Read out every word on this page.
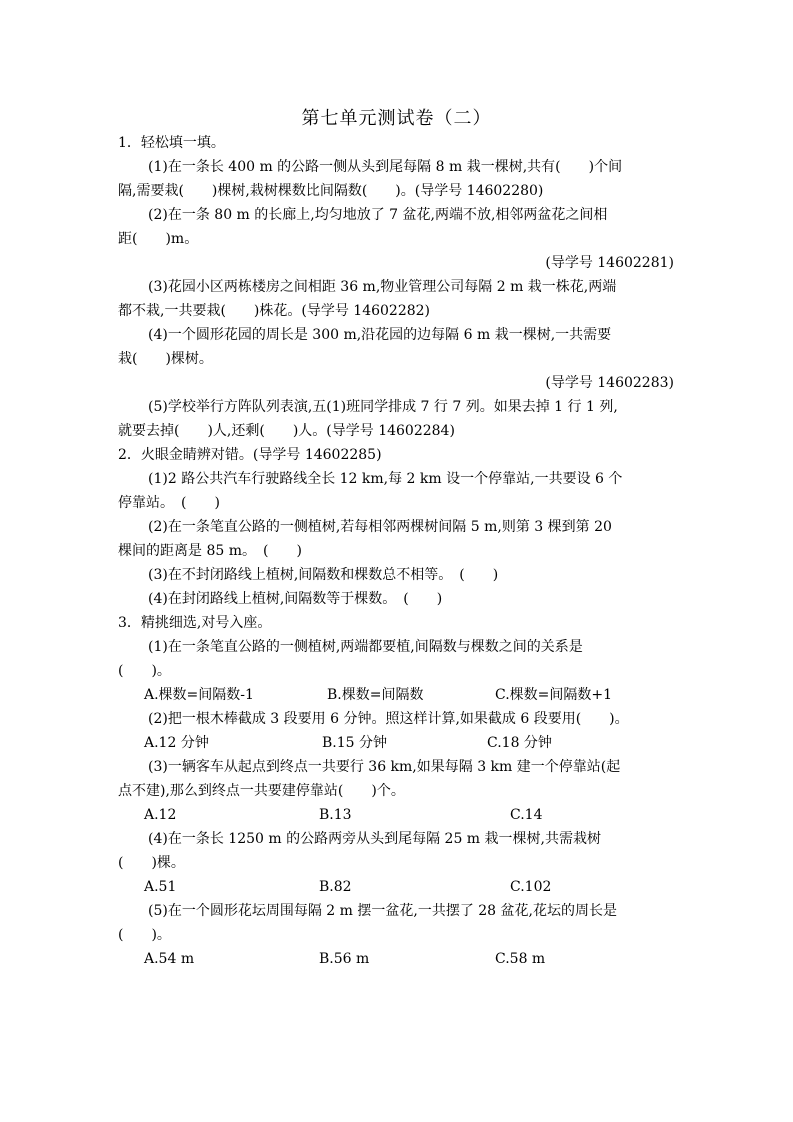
第七单元测试卷（二）
1．轻松填一填。
(1)在一条长 400 m 的公路一侧从头到尾每隔 8 m 栽一棵树,共有(　　)个间
隔,需要栽(　　)棵树,栽树棵数比间隔数(　　)。(导学号 14602280)
(2)在一条 80 m 的长廊上,均匀地放了 7 盆花,两端不放,相邻两盆花之间相
距(　　)m。
(导学号 14602281)
(3)花园小区两栋楼房之间相距 36 m,物业管理公司每隔 2 m 栽一株花,两端
都不栽,一共要栽(　　)株花。(导学号 14602282)
(4)一个圆形花园的周长是 300 m,沿花园的边每隔 6 m 栽一棵树,一共需要
栽(　　)棵树。
(导学号 14602283)
(5)学校举行方阵队列表演,五(1)班同学排成 7 行 7 列。如果去掉 1 行 1 列,
就要去掉(　　)人,还剩(　　)人。(导学号 14602284)
2．火眼金睛辨对错。(导学号 14602285)
(1)2 路公共汽车行驶路线全长 12 km,每 2 km 设一个停靠站,一共要设 6 个
停靠站。　(　　)
(2)在一条笔直公路的一侧植树,若每相邻两棵树间隔 5 m,则第 3 棵到第 20
棵间的距离是 85 m。　(　　)
(3)在不封闭路线上植树,间隔数和棵数总不相等。　(　　)
(4)在封闭路线上植树,间隔数等于棵数。　(　　)
3．精挑细选,对号入座。
(1)在一条笔直公路的一侧植树,两端都要植,间隔数与棵数之间的关系是
(　　)。
A.棵数=间隔数-1	B.棵数=间隔数	C.棵数=间隔数+1
(2)把一根木棒截成 3 段要用 6 分钟。照这样计算,如果截成 6 段要用(　　)。
A.12 分钟	B.15 分钟	C.18 分钟
(3)一辆客车从起点到终点一共要行 36 km,如果每隔 3 km 建一个停靠站(起
点不建),那么到终点一共要建停靠站(　　)个。
A.12	B.13	C.14
(4)在一条长 1250 m 的公路两旁从头到尾每隔 25 m 栽一棵树,共需栽树
(　　)棵。
A.51	B.82	C.102
(5)在一个圆形花坛周围每隔 2 m 摆一盆花,一共摆了 28 盆花,花坛的周长是
(　　)。
A.54 m	B.56 m	C.58 m
